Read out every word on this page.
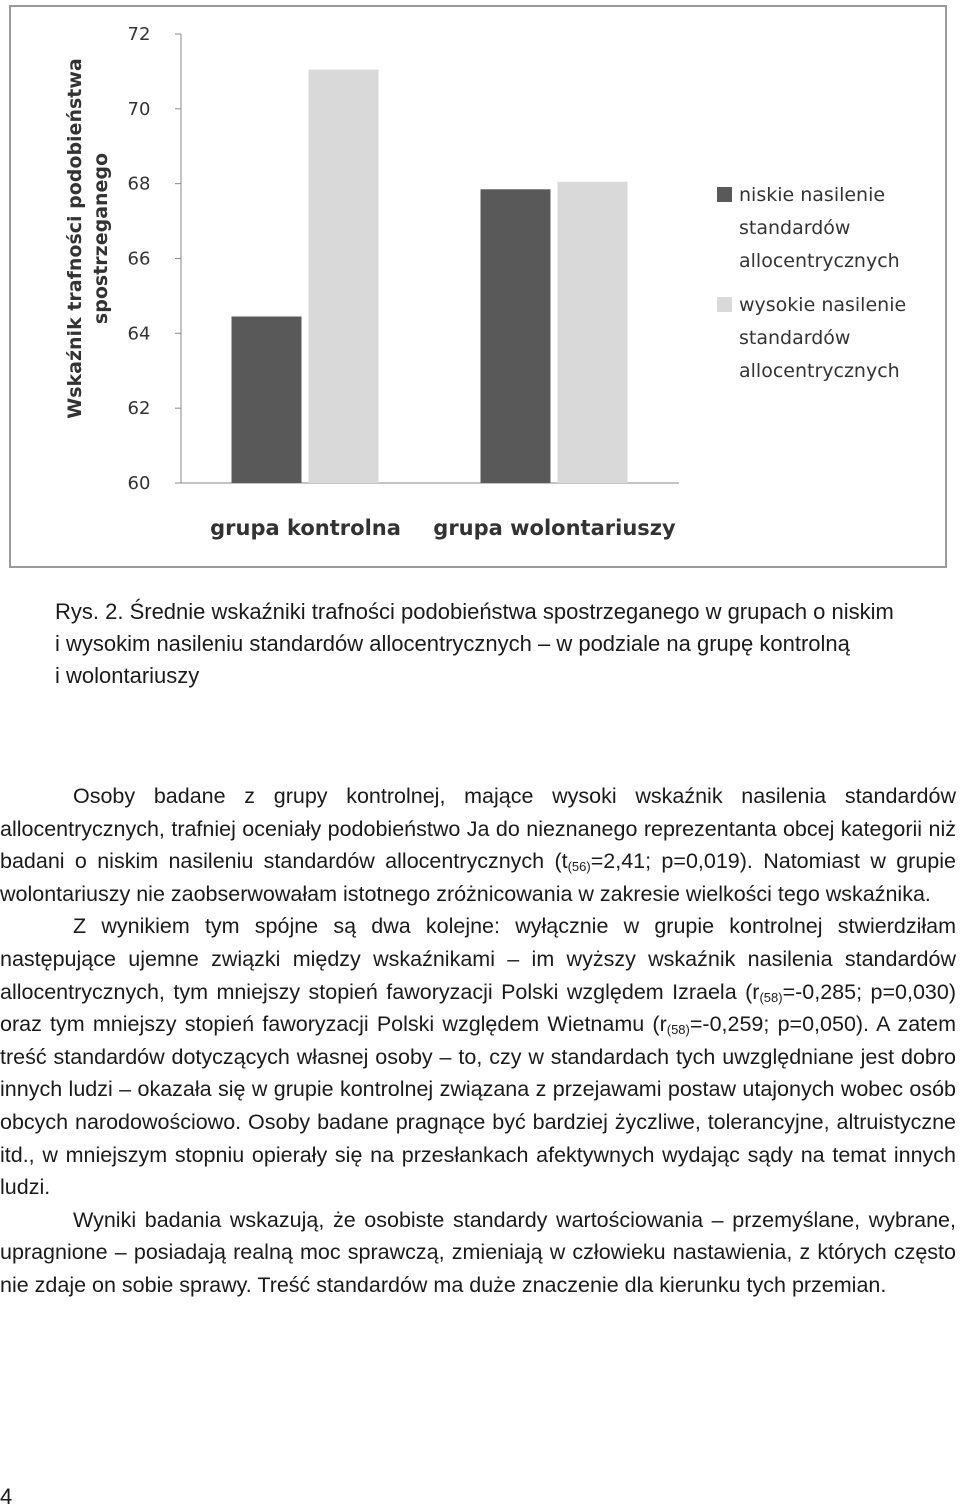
Wskaźnik trafności podobieństwa spostrzeganego
60
62
64
66
68
70
72
grupa kontrolna grupa wolontariuszy
niskie nasilenie
standardów
allocentrycznych
wysokie nasilenie
standardów
allocentrycznych
Rys. 2. Średnie wskaźniki trafności podobieństwa spostrzeganego w grupach o niskim
i wysokim nasileniu standardów allocentrycznych – w podziale na grupę kontrolną
i wolontariuszy

Osoby badane z grupy kontrolnej, mające wysoki wskaźnik nasilenia standardów allocentrycznych, trafniej oceniały podobieństwo Ja do nieznanego reprezentanta obcej kategorii niż badani o niskim nasileniu standardów allocentrycznych ($t_{(56)}=2,41$; p=0,019). Natomiast w grupie wolontariuszy nie zaobserwowałam istotnego zróżnicowania w zakresie wielkości tego wskaźnika.

Z wynikiem tym spójne są dwa kolejne: wyłącznie w grupie kontrolnej stwierdziłam następujące ujemne związki między wskaźnikami – im wyższy wskaźnik nasilenia standardów allocentrycznych, tym mniejszy stopień faworyzacji Polski względem Izraela ($r_{(58)}=-0,285$; p=0,030) oraz tym mniejszy stopień faworyzacji Polski względem Wietnamu ($r_{(58)}=-0,259$; p=0,050). A zatem treść standardów dotyczących własnej osoby – to, czy w standardach tych uwzględniane jest dobro innych ludzi – okazała się w grupie kontrolnej związana z przejawami postaw utajonych wobec osób obcych narodowościowo. Osoby badane pragnące być bardziej życzliwe, tolerancyjne, altruistyczne itd., w mniejszym stopniu opierały się na przesłankach afektywnych wydając sądy na temat innych ludzi.

Wyniki badania wskazują, że osobiste standardy wartościowania – przemyślane, wybrane, upragnione – posiadają realną moc sprawczą, zmieniają w człowieku nastawienia, z których często nie zdaje on sobie sprawy. Treść standardów ma duże znaczenie dla kierunku tych przemian.

4
